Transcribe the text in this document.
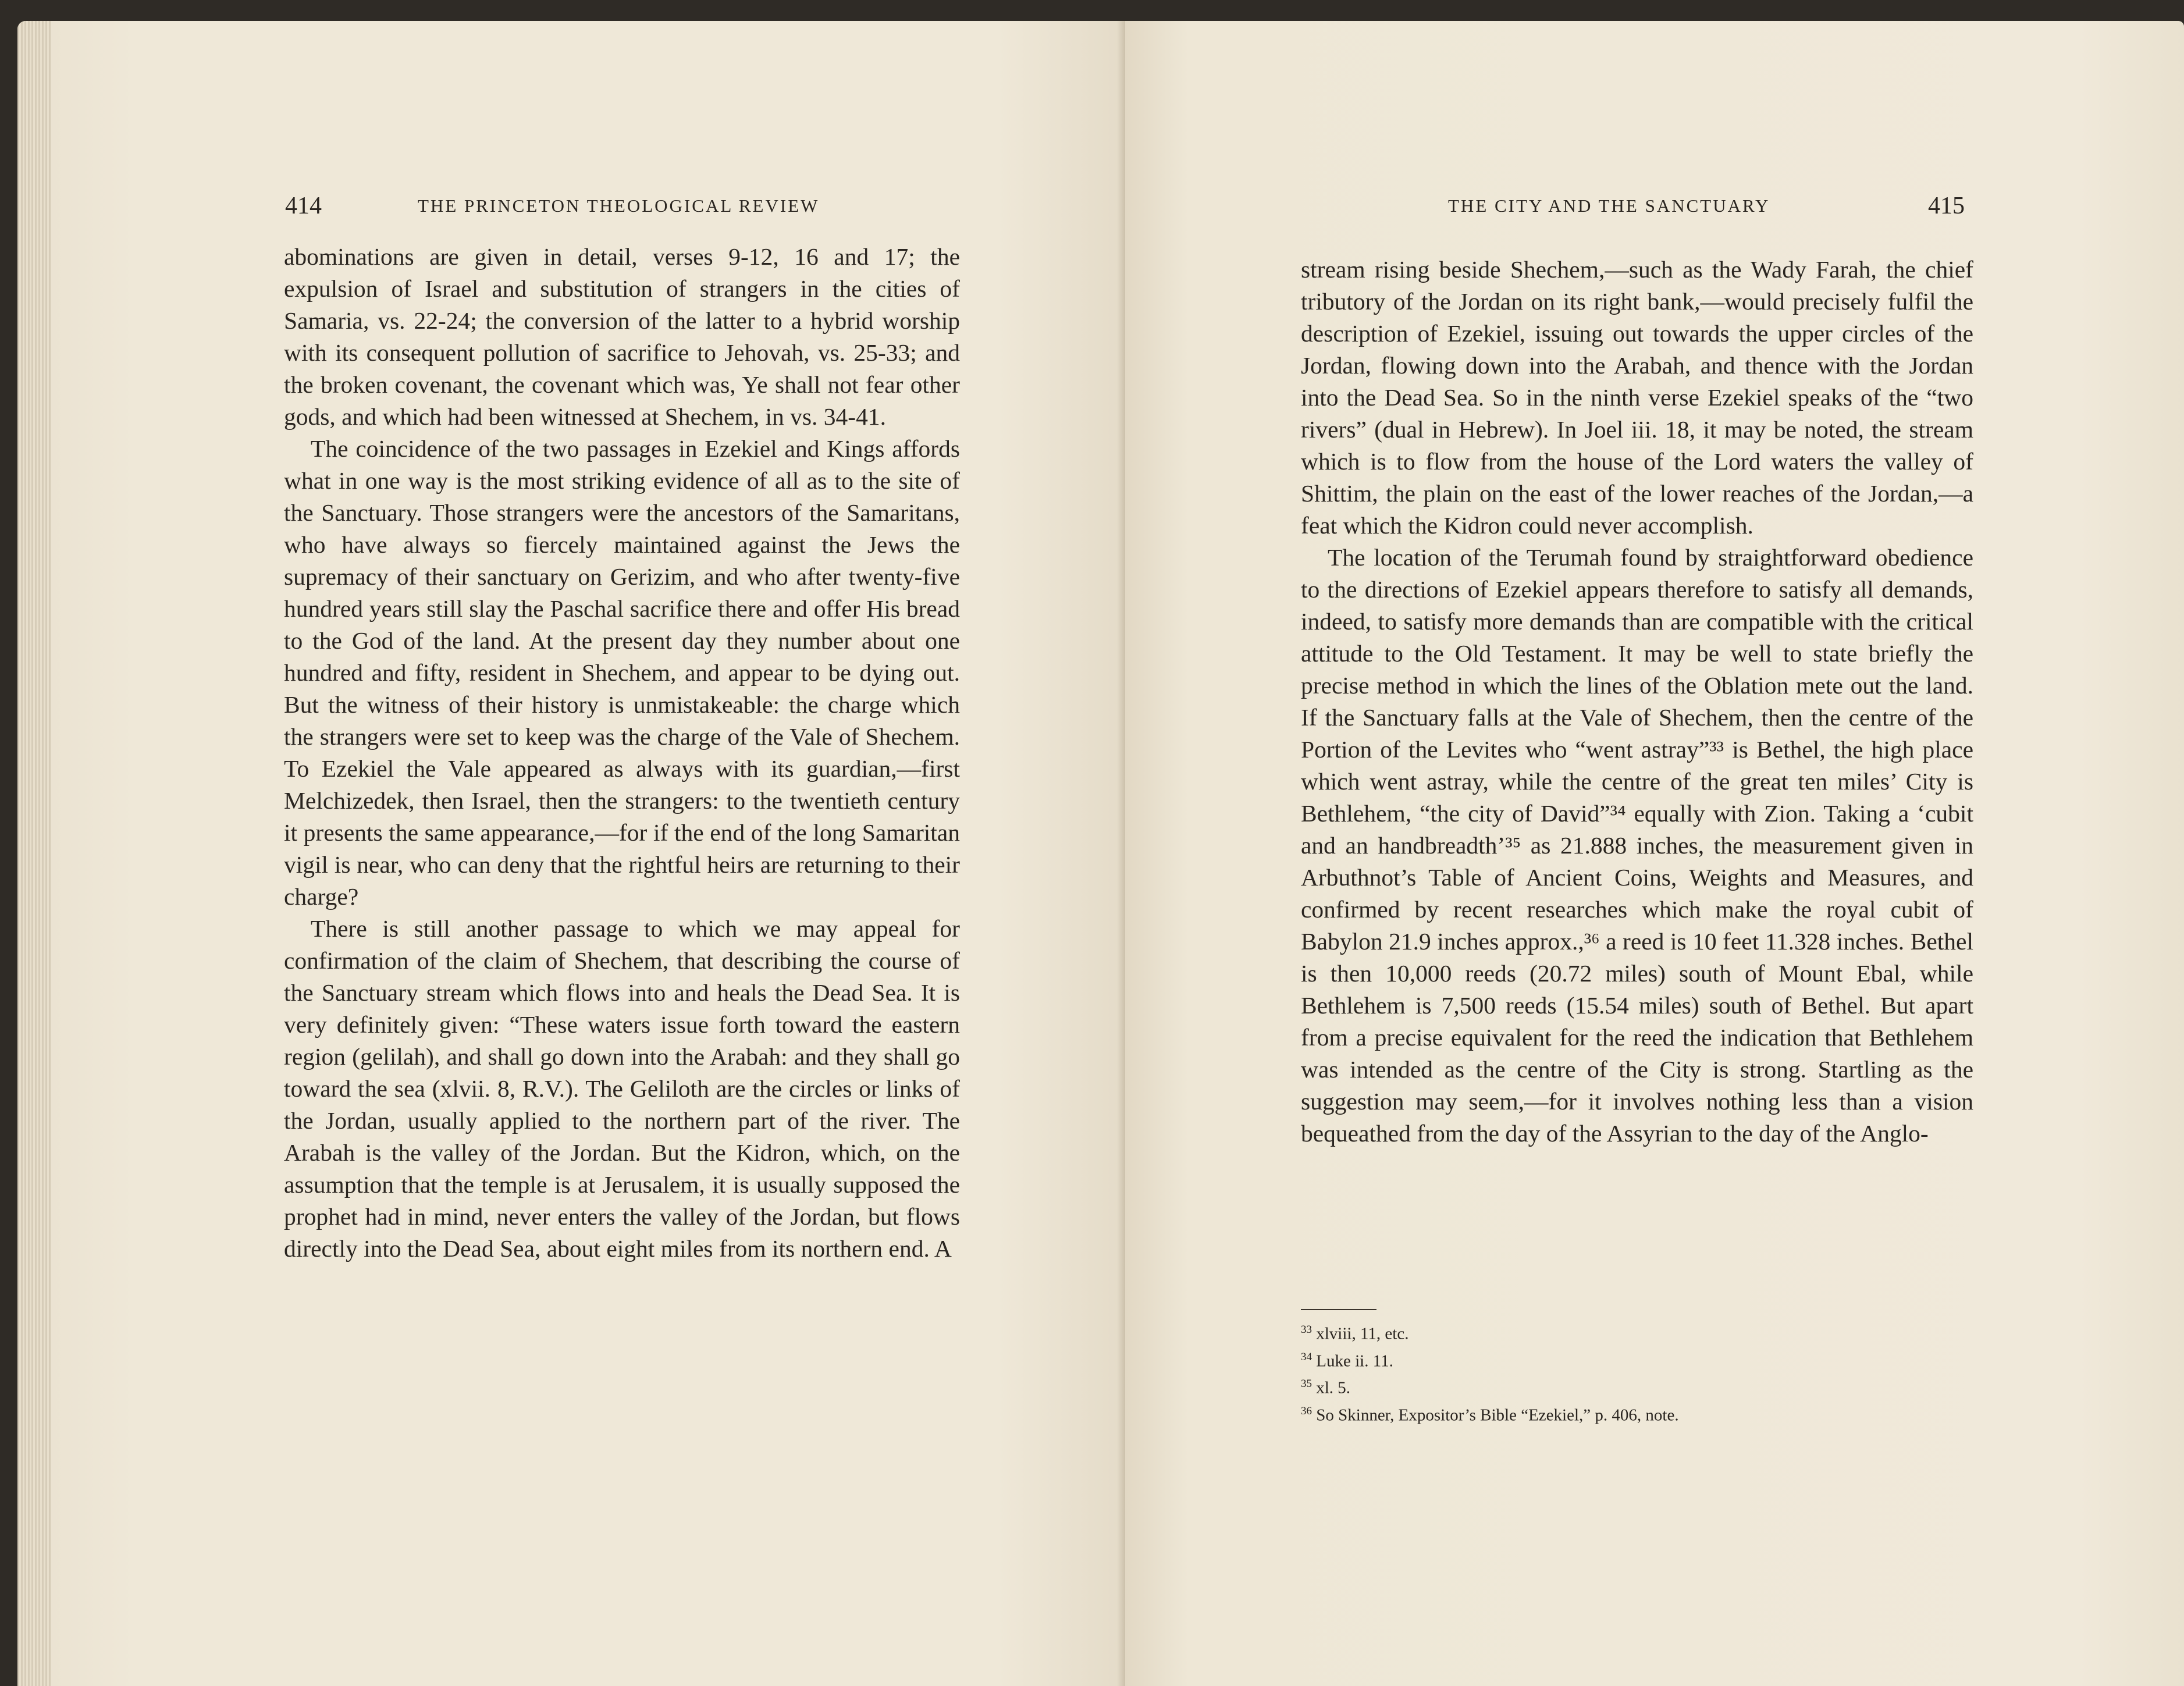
414	THE PRINCETON THEOLOGICAL REVIEW

abominations are given in detail, verses 9-12, 16 and 17; the expulsion of Israel and substitution of strangers in the cities of Samaria, vs. 22-24; the conversion of the latter to a hybrid worship with its consequent pollution of sacrifice to Jehovah, vs. 25-33; and the broken covenant, the covenant which was, Ye shall not fear other gods, and which had been witnessed at Shechem, in vs. 34-41.

The coincidence of the two passages in Ezekiel and Kings affords what in one way is the most striking evidence of all as to the site of the Sanctuary. Those strangers were the ancestors of the Samaritans, who have always so fiercely maintained against the Jews the supremacy of their sanctuary on Gerizim, and who after twenty-five hundred years still slay the Paschal sacrifice there and offer His bread to the God of the land. At the present day they number about one hundred and fifty, resident in Shechem, and appear to be dying out. But the witness of their history is unmistakeable: the charge which the strangers were set to keep was the charge of the Vale of Shechem. To Ezekiel the Vale appeared as always with its guardian,—first Melchizedek, then Israel, then the strangers: to the twentieth century it presents the same appearance,—for if the end of the long Samaritan vigil is near, who can deny that the rightful heirs are returning to their charge?

There is still another passage to which we may appeal for confirmation of the claim of Shechem, that describing the course of the Sanctuary stream which flows into and heals the Dead Sea. It is very definitely given: “These waters issue forth toward the eastern region (gelilah), and shall go down into the Arabah: and they shall go toward the sea (xlvii. 8, R.V.). The Geliloth are the circles or links of the Jordan, usually applied to the northern part of the river. The Arabah is the valley of the Jordan. But the Kidron, which, on the assumption that the temple is at Jerusalem, it is usually supposed the prophet had in mind, never enters the valley of the Jordan, but flows directly into the Dead Sea, about eight miles from its northern end. A

THE CITY AND THE SANCTUARY	415

stream rising beside Shechem,—such as the Wady Farah, the chief tributory of the Jordan on its right bank,—would precisely fulfil the description of Ezekiel, issuing out towards the upper circles of the Jordan, flowing down into the Arabah, and thence with the Jordan into the Dead Sea. So in the ninth verse Ezekiel speaks of the “two rivers” (dual in Hebrew). In Joel iii. 18, it may be noted, the stream which is to flow from the house of the Lord waters the valley of Shittim, the plain on the east of the lower reaches of the Jordan,—a feat which the Kidron could never accomplish.

The location of the Terumah found by straightforward obedience to the directions of Ezekiel appears therefore to satisfy all demands, indeed, to satisfy more demands than are compatible with the critical attitude to the Old Testament. It may be well to state briefly the precise method in which the lines of the Oblation mete out the land. If the Sanctuary falls at the Vale of Shechem, then the centre of the Portion of the Levites who “went astray”³³ is Bethel, the high place which went astray, while the centre of the great ten miles’ City is Bethlehem, “the city of David”³⁴ equally with Zion. Taking a ‘cubit and an handbreadth’³⁵ as 21.888 inches, the measurement given in Arbuthnot’s Table of Ancient Coins, Weights and Measures, and confirmed by recent researches which make the royal cubit of Babylon 21.9 inches approx.,³⁶ a reed is 10 feet 11.328 inches. Bethel is then 10,000 reeds (20.72 miles) south of Mount Ebal, while Bethlehem is 7,500 reeds (15.54 miles) south of Bethel. But apart from a precise equivalent for the reed the indication that Bethlehem was intended as the centre of the City is strong. Startling as the suggestion may seem,—for it involves nothing less than a vision bequeathed from the day of the Assyrian to the day of the Anglo-

$^{33}$ xlviii, 11, etc.
$^{34}$ Luke ii. 11.
$^{35}$ xl. 5.
$^{36}$ So Skinner, Expositor’s Bible “Ezekiel,” p. 406, note.
